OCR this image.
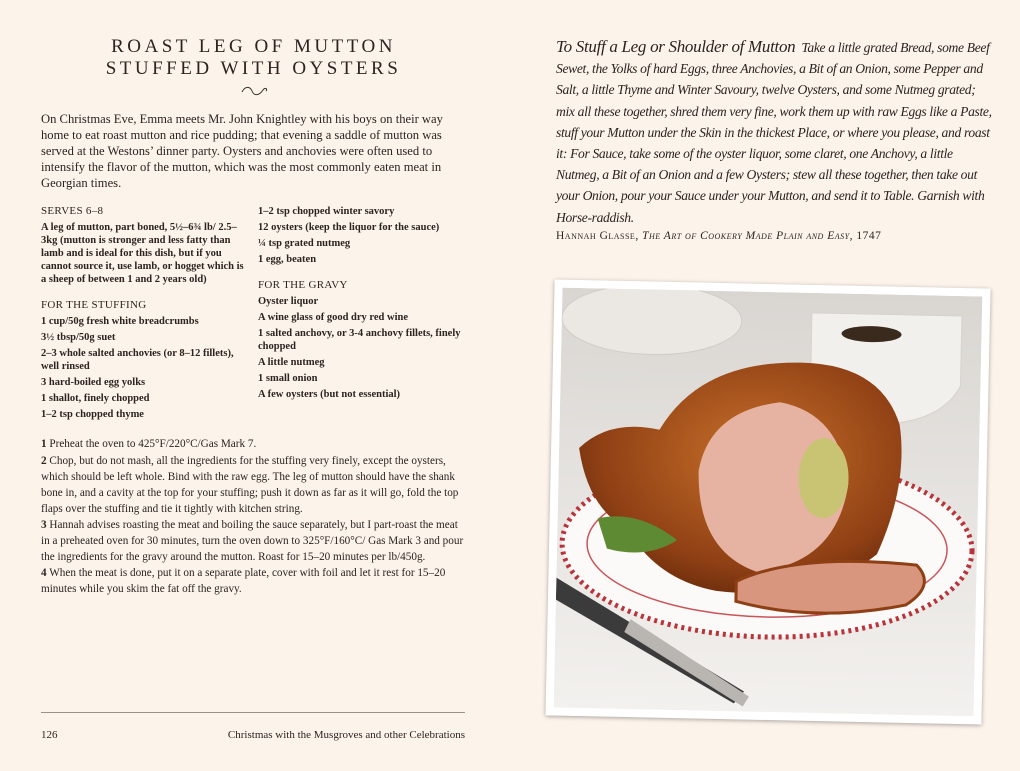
ROAST LEG OF MUTTON
STUFFED WITH OYSTERS

On Christmas Eve, Emma meets Mr. John Knightley with his boys on their way home to eat roast mutton and rice pudding; that evening a saddle of mutton was served at the Westons’ dinner party. Oysters and anchovies were often used to intensify the flavor of the mutton, which was the most commonly eaten meat in Georgian times.

SERVES 6–8
A leg of mutton, part boned, 5½–6¾ lb/ 2.5–3kg (mutton is stronger and less fatty than lamb and is ideal for this dish, but if you cannot source it, use lamb, or hogget which is a sheep of between 1 and 2 years old)
FOR THE STUFFING
1 cup/50g fresh white breadcrumbs
3½ tbsp/50g suet
2–3 whole salted anchovies (or 8–12 fillets), well rinsed
3 hard-boiled egg yolks
1 shallot, finely chopped
1–2 tsp chopped thyme
1–2 tsp chopped winter savory
12 oysters (keep the liquor for the sauce)
¼ tsp grated nutmeg
1 egg, beaten
FOR THE GRAVY
Oyster liquor
A wine glass of good dry red wine
1 salted anchovy, or 3-4 anchovy fillets, finely chopped
A little nutmeg
1 small onion
A few oysters (but not essential)

1 Preheat the oven to 425°F/220°C/Gas Mark 7.

2 Chop, but do not mash, all the ingredients for the stuffing very finely, except the oysters, which should be left whole. Bind with the raw egg. The leg of mutton should have the shank bone in, and a cavity at the top for your stuffing; push it down as far as it will go, fold the top flaps over the stuffing and tie it tightly with kitchen string.

3 Hannah advises roasting the meat and boiling the sauce separately, but I part-roast the meat in a preheated oven for 30 minutes, turn the oven down to 325°F/160°C/ Gas Mark 3 and pour the ingredients for the gravy around the mutton. Roast for 15–20 minutes per lb/450g.

4 When the meat is done, put it on a separate plate, cover with foil and let it rest for 15–20 minutes while you skim the fat off the gravy.

126	Christmas with the Musgroves and other Celebrations
To Stuff a Leg or Shoulder of Mutton Take a little grated Bread, some Beef Sewet, the Yolks of hard Eggs, three Anchovies, a Bit of an Onion, some Pepper and Salt, a little Thyme and Winter Savoury, twelve Oysters, and some Nutmeg grated; mix all these together, shred them very fine, work them up with raw Eggs like a Paste, stuff your Mutton under the Skin in the thickest Place, or where you please, and roast it: For Sauce, take some of the oyster liquor, some claret, one Anchovy, a little Nutmeg, a Bit of an Onion and a few Oysters; stew all these together, then take out your Onion, pour your Sauce under your Mutton, and send it to Table. Garnish with Horse-raddish.
Hannah Glasse, The Art of Cookery Made Plain and Easy, 1747
